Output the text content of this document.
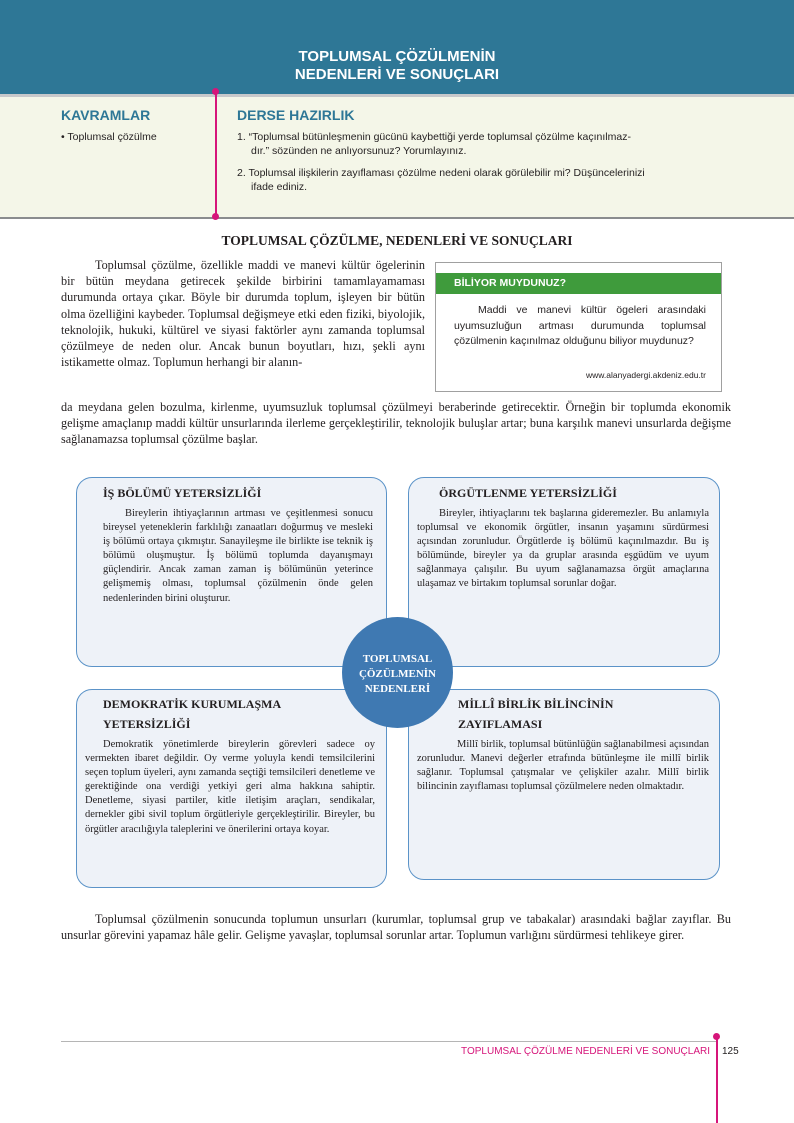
TOPLUMSAL ÇÖZÜLMENİN
NEDENLERİ VE SONUÇLARI
KAVRAMLAR
• Toplumsal çözülme
DERSE HAZIRLIK
1. “Toplumsal bütünleşmenin gücünü kaybettiği yerde toplumsal çözülme kaçınılmaz-
dır.” sözünden ne anlıyorsunuz? Yorumlayınız.
2. Toplumsal ilişkilerin zayıflaması çözülme nedeni olarak görülebilir mi? Düşüncelerinizi
ifade ediniz.
TOPLUMSAL ÇÖZÜLME, NEDENLERİ VE SONUÇLARI
Toplumsal çözülme, özellikle maddi ve manevi kültür ögelerinin bir bütün meydana getirecek şekilde birbirini tamamlayamaması durumunda ortaya çıkar. Böyle bir durumda toplum, işleyen bir bütün olma özelliğini kaybeder. Toplumsal değişmeye etki eden fiziki, biyolojik, teknolojik, hukuki, kültürel ve siyasi faktörler aynı zamanda toplumsal çözülmeye de neden olur. Ancak bunun boyutları, hızı, şekli aynı istikamette olmaz. Toplumun herhangi bir alanın-
da meydana gelen bozulma, kirlenme, uyumsuzluk toplumsal çözülmeyi beraberinde getirecektir. Örneğin bir toplumda ekonomik gelişme amaçlanıp maddi kültür unsurlarında ilerleme gerçekleştirilir, teknolojik buluşlar artar; buna karşılık manevi unsurlarda değişme sağlanamazsa toplumsal çözülme başlar.
BİLİYOR MUYDUNUZ?
Maddi ve manevi kültür ögeleri arasındaki uyumsuzluğun artması durumunda toplumsal çözülmenin kaçınılmaz olduğunu biliyor muydunuz?
www.alanyadergi.akdeniz.edu.tr
İŞ BÖLÜMÜ YETERSİZLİĞİ
Bireylerin ihtiyaçlarının artması ve çeşitlenmesi sonucu bireysel yeteneklerin farklılığı zanaatları doğurmuş ve mesleki iş bölümü ortaya çıkmıştır. Sanayileşme ile birlikte ise teknik iş bölümü oluşmuştur. İş bölümü toplumda dayanışmayı güçlendirir. Ancak zaman zaman iş bölümünün yeterince gelişmemiş olması, toplumsal çözülmenin önde gelen nedenlerinden birini oluşturur.
ÖRGÜTLENME YETERSİZLİĞİ
Bireyler, ihtiyaçlarını tek başlarına gideremezler. Bu anlamıyla toplumsal ve ekonomik örgütler, insanın yaşamını sürdürmesi açısından zorunludur. Örgütlerde iş bölümü kaçınılmazdır. Bu iş bölümünde, bireyler ya da gruplar arasında eşgüdüm ve uyum sağlanmaya çalışılır. Bu uyum sağlanamazsa örgüt amaçlarına ulaşamaz ve birtakım toplumsal sorunlar doğar.
DEMOKRATİK KURUMLAŞMA
YETERSİZLİĞİ
Demokratik yönetimlerde bireylerin görevleri sadece oy vermekten ibaret değildir. Oy verme yoluyla kendi temsilcilerini seçen toplum üyeleri, aynı zamanda seçtiği temsilcileri denetleme ve gerektiğinde ona verdiği yetkiyi geri alma hakkına sahiptir. Denetleme, siyasi partiler, kitle iletişim araçları, sendikalar, dernekler gibi sivil toplum örgütleriyle gerçekleştirilir. Bireyler, bu örgütler aracılığıyla taleplerini ve önerilerini ortaya koyar.
MİLLÎ BİRLİK BİLİNCİNİN
ZAYIFLAMASI
Millî birlik, toplumsal bütünlüğün sağlanabilmesi açısından zorunludur. Manevi değerler etrafında bütünleşme ile millî birlik sağlanır. Toplumsal çatışmalar ve çelişkiler azalır. Millî birlik bilincinin zayıflaması toplumsal çözülmelere neden olmaktadır.
TOPLUMSAL
ÇÖZÜLMENİN
NEDENLERİ
Toplumsal çözülmenin sonucunda toplumun unsurları (kurumlar, toplumsal grup ve tabakalar) arasındaki bağlar zayıflar. Bu unsurlar görevini yapamaz hâle gelir. Gelişme yavaşlar, toplumsal sorunlar artar. Toplumun varlığını sürdürmesi tehlikeye girer.
TOPLUMSAL ÇÖZÜLME NEDENLERİ VE SONUÇLARI 125
